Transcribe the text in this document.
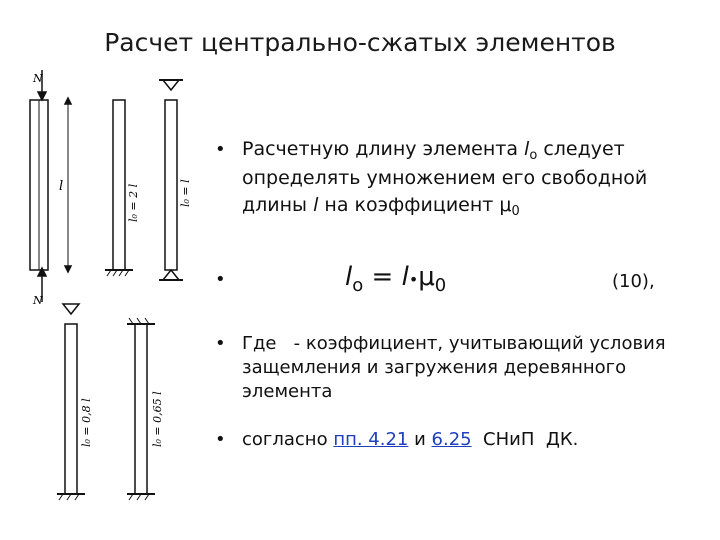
Расчет центрально-сжатых элементов
N
N
l	l₀ = 2 l	l₀ = l
l₀ = 0,8 l	l₀ = 0,65 l
• Расчетную длину элемента $l_o$ следует определять умножением его свободной длины l на коэффициент $\mu_0$
•	$l_o$ = $l•\mu_0$	(10),
• Где   - коэффициент, учитывающий условия защемления и загружения деревянного элемента
• согласно пп. 4.21 и 6.25  СНиП  ДК.
